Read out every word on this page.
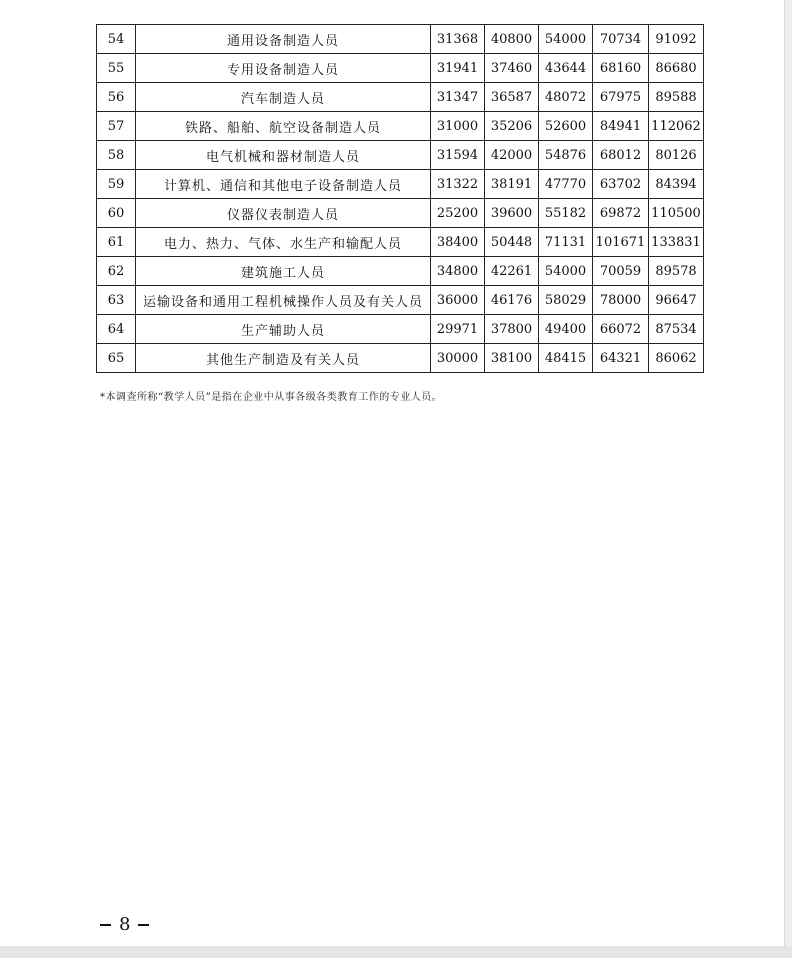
54	通用设备制造人员	31368	40800	54000	70734	91092
55	专用设备制造人员	31941	37460	43644	68160	86680
56	汽车制造人员	31347	36587	48072	67975	89588
57	铁路、船舶、航空设备制造人员	31000	35206	52600	84941	112062
58	电气机械和器材制造人员	31594	42000	54876	68012	80126
59	计算机、通信和其他电子设备制造人员	31322	38191	47770	63702	84394
60	仪器仪表制造人员	25200	39600	55182	69872	110500
61	电力、热力、气体、水生产和输配人员	38400	50448	71131	101671	133831
62	建筑施工人员	34800	42261	54000	70059	89578
63	运输设备和通用工程机械操作人员及有关人员	36000	46176	58029	78000	96647
64	生产辅助人员	29971	37800	49400	66072	87534
65	其他生产制造及有关人员	30000	38100	48415	64321	86062
*本调查所称“教学人员”是指在企业中从事各级各类教育工作的专业人员。
8
